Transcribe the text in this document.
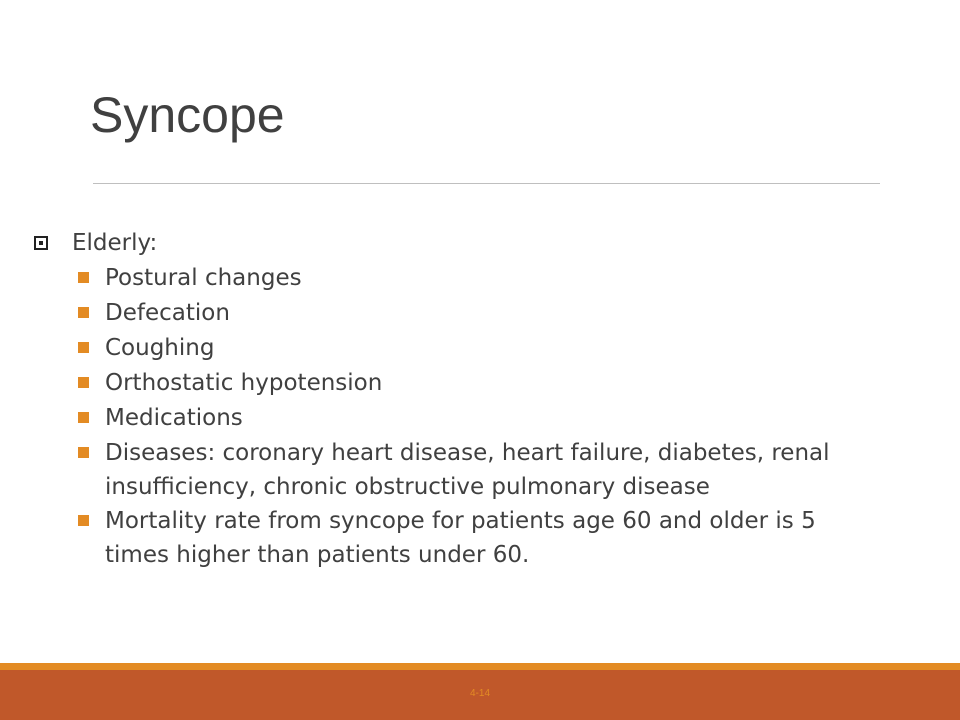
Syncope
Elderly:
Postural changes
Defecation
Coughing
Orthostatic hypotension
Medications
Diseases: coronary heart disease, heart failure, diabetes, renal insufficiency, chronic obstructive pulmonary disease
Mortality rate from syncope for patients age 60 and older is 5 times higher than patients under 60.
4-14
